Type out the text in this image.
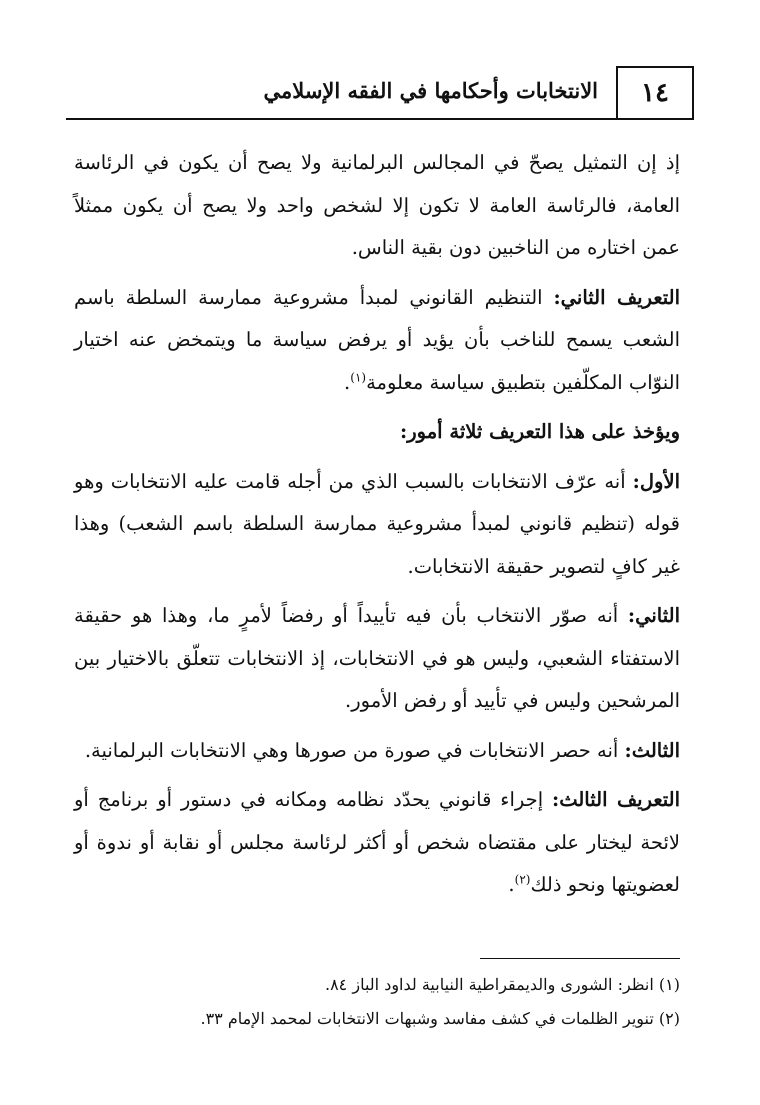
١٤
الانتخابات وأحكامها في الفقه الإسلامي

إذ إن التمثيل يصحّ في المجالس البرلمانية ولا يصح أن يكون في الرئاسة العامة، فالرئاسة العامة لا تكون إلا لشخص واحد ولا يصح أن يكون ممثلاً عمن اختاره من الناخبين دون بقية الناس.

التعريف الثاني: التنظيم القانوني لمبدأ مشروعية ممارسة السلطة باسم الشعب يسمح للناخب بأن يؤيد أو يرفض سياسة ما ويتمخض عنه اختيار النوّاب المكلّفين بتطبيق سياسة معلومة$^{(١)}$.

ويؤخذ على هذا التعريف ثلاثة أمور:

الأول: أنه عرّف الانتخابات بالسبب الذي من أجله قامت عليه الانتخابات وهو قوله (تنظيم قانوني لمبدأ مشروعية ممارسة السلطة باسم الشعب) وهذا غير كافٍ لتصوير حقيقة الانتخابات.

الثاني: أنه صوّر الانتخاب بأن فيه تأييداً أو رفضاً لأمرٍ ما، وهذا هو حقيقة الاستفتاء الشعبي، وليس هو في الانتخابات، إذ الانتخابات تتعلّق بالاختيار بين المرشحين وليس في تأييد أو رفض الأمور.

الثالث: أنه حصر الانتخابات في صورة من صورها وهي الانتخابات البرلمانية.

التعريف الثالث: إجراء قانوني يحدّد نظامه ومكانه في دستور أو برنامج أو لائحة ليختار على مقتضاه شخص أو أكثر لرئاسة مجلس أو نقابة أو ندوة أو لعضويتها ونحو ذلك$^{(٢)}$.

(١) انظر: الشورى والديمقراطية النيابية لداود الباز ٨٤.

(٢) تنوير الظلمات في كشف مفاسد وشبهات الانتخابات لمحمد الإمام ٣٣.
